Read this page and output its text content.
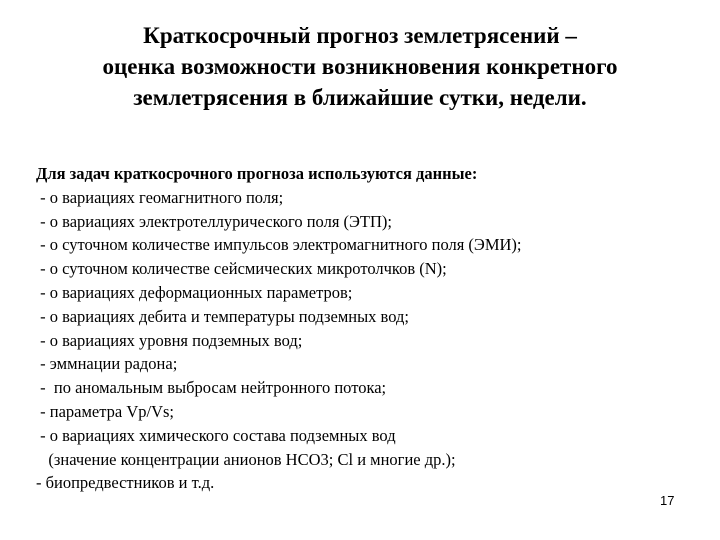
Краткосрочный прогноз землетрясений –
оценка возможности возникновения конкретного
землетрясения в ближайшие сутки, недели.
Для задач краткосрочного прогноза используются данные:
- о вариациях геомагнитного поля;
- о вариациях электротеллурического поля (ЭТП);
- о суточном количестве импульсов электромагнитного поля (ЭМИ);
- о суточном количестве сейсмических микротолчков (N);
- о вариациях деформационных параметров;
- о вариациях дебита и температуры подземных вод;
- о вариациях уровня подземных вод;
- эммнации радона;
-  по аномальным выбросам нейтронного потока;
- параметра Vp/Vs;
- о вариациях химического состава подземных вод
(значение концентрации анионов НСО3; Cl и многие др.);
- биопредвестников и т.д.
17
